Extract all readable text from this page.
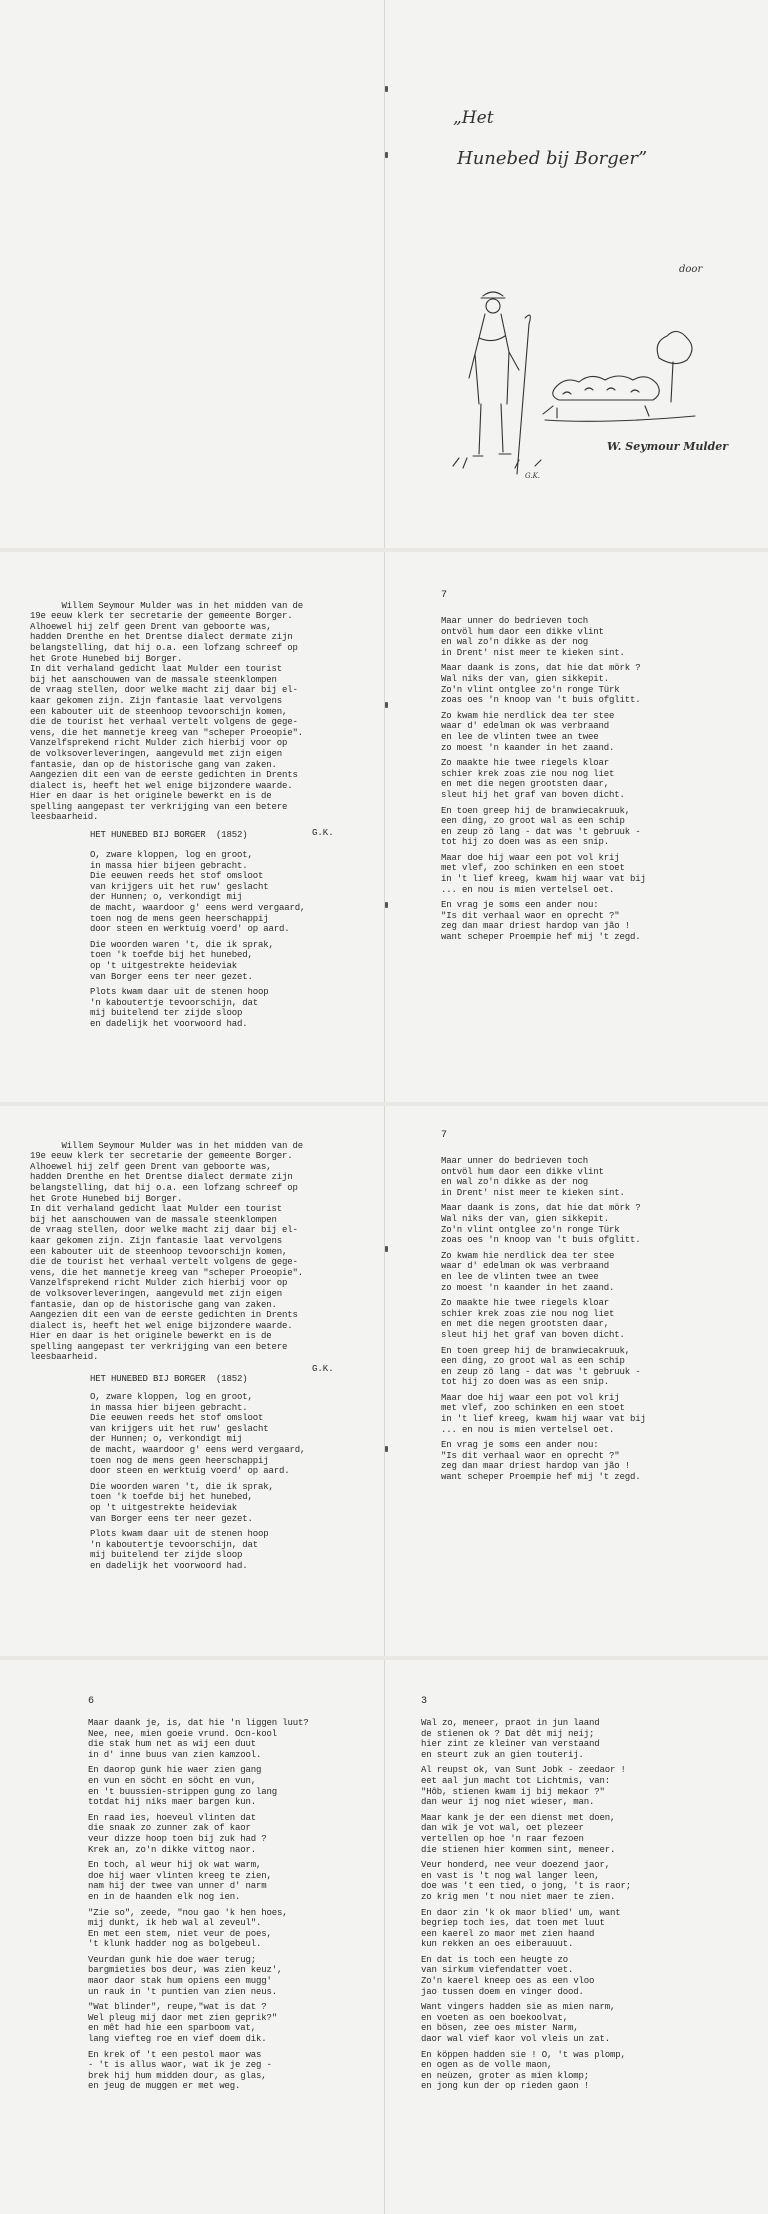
„Het
Hunebed bij Borger”
door
W. Seymour Mulder
G.K.

Willem Seymour Mulder was in het midden van de
19e eeuw klerk ter secretarie der gemeente Borger.
Alhoewel hij zelf geen Drent van geboorte was,
hadden Drenthe en het Drentse dialect dermate zijn
belangstelling, dat hij o.a. een lofzang schreef op
het Grote Hunebed bij Borger.
In dit verhaland gedicht laat Mulder een tourist
bij het aanschouwen van de massale steenklompen
de vraag stellen, door welke macht zij daar bij el-
kaar gekomen zijn. Zijn fantasie laat vervolgens
een kabouter uit de steenhoop tevoorschijn komen,
die de tourist het verhaal vertelt volgens de gege-
vens, die het mannetje kreeg van "scheper Proeopie".
Vanzelfsprekend richt Mulder zich hierbij voor op
de volksoverleveringen, aangevuld met zijn eigen
fantasie, dan op de historische gang van zaken.
Aangezien dit een van de eerste gedichten in Drents
dialect is, heeft het wel enige bijzondere waarde.
Hier en daar is het originele bewerkt en is de
spelling aangepast ter verkrijging van een betere
leesbaarheid.
G.K.
HET HUNEBED BIJ BORGER (1852)
O, zware kloppen, log en groot,
in massa hier bijeen gebracht.
Die eeuwen reeds het stof omsloot
van krijgers uit het ruw' geslacht
der Hunnen; o, verkondigt mij
de macht, waardoor g' eens werd vergaard,
toen nog de mens geen heerschappij
door steen en werktuig voerd' op aard.
Die woorden waren 't, die ik sprak,
toen 'k toefde bij het hunebed,
op 't uitgestrekte heideviak
van Borger eens ter neer gezet.
Plots kwam daar uit de stenen hoop
'n kaboutertje tevoorschijn, dat
mij buitelend ter zijde sloop
en dadelijk het voorwoord had.
7
Maar unner do bedrieven toch
ontvöl hum daor een dikke vlint
en wal zo'n dikke as der nog
in Drent' nist meer te kieken sint.
Maar daank is zons, dat hie dat mörk ?
Wal niks der van, gien sikkepit.
Zo'n vlint ontglee zo'n ronge Türk
zoas oes 'n knoop van 't buis ofglitt.
Zo kwam hie nerdlick dea ter stee
waar d' edelman ok was verbraand
en lee de vlinten twee an twee
zo moest 'n kaander in het zaand.
Zo maakte hie twee riegels kloar
schier krek zoas zie nou nog liet
en met die negen grootsten daar,
sleut hij het graf van boven dicht.
En toen greep hij de branwiecakruuk,
een ding, zo groot wal as een schip
en zeup zö lang - dat was 't gebruuk -
tot hij zo doen was as een snip.
Maar doe hij waar een pot vol krij
met vlef, zoo schinken en een stoet
in 't lief kreeg, kwam hij waar vat bij
... en nou is mien vertelsel oet.
En vrag je soms een ander nou:
"Is dit verhaal waor en oprecht ?"
zeg dan maar driest hardop van jão !
want scheper Proempie hef mij 't zegd.

Willem Seymour Mulder was in het midden van de
19e eeuw klerk ter secretarie der gemeente Borger.
Alhoewel hij zelf geen Drent van geboorte was,
hadden Drenthe en het Drentse dialect dermate zijn
belangstelling, dat hij o.a. een lofzang schreef op
het Grote Hunebed bij Borger.
In dit verhaland gedicht laat Mulder een tourist
bij het aanschouwen van de massale steenklompen
de vraag stellen, door welke macht zij daar bij el-
kaar gekomen zijn. Zijn fantasie laat vervolgens
een kabouter uit de steenhoop tevoorschijn komen,
die de tourist het verhaal vertelt volgens de gege-
vens, die het mannetje kreeg van "scheper Proeopie".
Vanzelfsprekend richt Mulder zich hierbij voor op
de volksoverleveringen, aangevuld met zijn eigen
fantasie, dan op de historische gang van zaken.
Aangezien dit een van de eerste gedichten in Drents
dialect is, heeft het wel enige bijzondere waarde.
Hier en daar is het originele bewerkt en is de
spelling aangepast ter verkrijging van een betere
leesbaarheid.
G.K.
HET HUNEBED BIJ BORGER (1852)
O, zware kloppen, log en groot,
in massa hier bijeen gebracht.
Die eeuwen reeds het stof omsloot
van krijgers uit het ruw' geslacht
der Hunnen; o, verkondigt mij
de macht, waardoor g' eens werd vergaard,
toen nog de mens geen heerschappij
door steen en werktuig voerd' op aard.
Die woorden waren 't, die ik sprak,
toen 'k toefde bij het hunebed,
op 't uitgestrekte heideviak
van Borger eens ter neer gezet.
Plots kwam daar uit de stenen hoop
'n kaboutertje tevoorschijn, dat
mij buitelend ter zijde sloop
en dadelijk het voorwoord had.
7
Maar unner do bedrieven toch
ontvöl hum daor een dikke vlint
en wal zo'n dikke as der nog
in Drent' nist meer te kieken sint.
Maar daank is zons, dat hie dat mörk ?
Wal niks der van, gien sikkepit.
Zo'n vlint ontglee zo'n ronge Türk
zoas oes 'n knoop van 't buis ofglitt.
Zo kwam hie nerdlick dea ter stee
waar d' edelman ok was verbraand
en lee de vlinten twee an twee
zo moest 'n kaander in het zaand.
Zo maakte hie twee riegels kloar
schier krek zoas zie nou nog liet
en met die negen grootsten daar,
sleut hij het graf van boven dicht.
En toen greep hij de branwiecakruuk,
een ding, zo groot wal as een schip
en zeup zö lang - dat was 't gebruuk -
tot hij zo doen was as een snip.
Maar doe hij waar een pot vol krij
met vlef, zoo schinken en een stoet
in 't lief kreeg, kwam hij waar vat bij
... en nou is mien vertelsel oet.
En vrag je soms een ander nou:
"Is dit verhaal waor en oprecht ?"
zeg dan maar driest hardop van jão !
want scheper Proempie hef mij 't zegd.
6
Maar daank je, is, dat hie 'n liggen luut?
Nee, nee, mien goeie vrund. Ocn-kool
die stak hum net as wij een duut
in d' inne buus van zien kamzool.
En daorop gunk hie waer zien gang
en vun en söcht en söcht en vun,
en 't buussien-strippen gung zo lang
totdat hij niks maer bargen kun.
En raad ies, hoeveul vlinten dat
die snaak zo zunner zak of kaor
veur dizze hoop toen bij zuk had ?
Krek an, zo'n dikke vittog naor.
En toch, al weur hij ok wat warm,
doe hij waer vlinten kreeg te zien,
nam hij der twee van unner d' narm
en in de haanden elk nog ien.
"Zie so", zeede, "nou gao 'k hen hoes,
mij dunkt, ik heb wal al zeveul".
En met een stem, niet veur de poes,
't klunk hadder nog as bolgebeul.
Veurdan gunk hie doe waer terug;
bargmieties bos deur, was zien keuz',
maor daor stak hum opiens een mugg'
un rauk in 't puntien van zien neus.
"Wat blinder", reupe,"wat is dat ?
Wel pleug mij daor met zien geprik?"
en mêt had hie een sparboom vat,
lang viefteg roe en vief doem dik.
En krek of 't een pestol maor was
- 't is allus waor, wat ik je zeg -
brek hij hum midden dour, as glas,
en jeug de muggen er met weg.
3
Wal zo, meneer, praot in jun laand
de stienen ok ? Dat dêt mij neij;
hier zint ze kleiner van verstaand
en steurt zuk an gien touterij.
Al reupst ok, van Sunt Jobk - zeedaor !
eet aal jun macht tot Lichtmis, van:
"Hôb, stienen kwam ij bij mekaor ?"
dan weur ij nog niet wieser, man.
Maar kank je der een dienst met doen,
dan wik je vot wal, oet plezeer
vertellen op hoe 'n raar fezoen
die stienen hier kommen sint, meneer.
Veur honderd, nee veur doezend jaor,
en vast is 't nog wal langer leen,
doe was 't een tied, o jong, 't is raor;
zo krig men 't nou niet maer te zien.
En daor zin 'k ok maor blied' um, want
begriep toch ies, dat toen met luut
een kaerel zo maor met zien haand
kun rekken an oes eiberauuut.
En dat is toch een heugte zo
van sirkum viefendattег voet.
Zo'n kaerel kneep oes as een vloo
jao tussen doem en vinger dood.
Want vingers hadden sie as mien narm,
en voeten as oen boekoolvat,
en bösen, zee oes mister Narm,
daor wal vief kaor vol vleis un zat.
En köppen hadden sie ! O, 't was plomp,
en ogen as de volle maon,
en neùzen, groter as mien klomp;
en jong kun der op rieden gaon !
